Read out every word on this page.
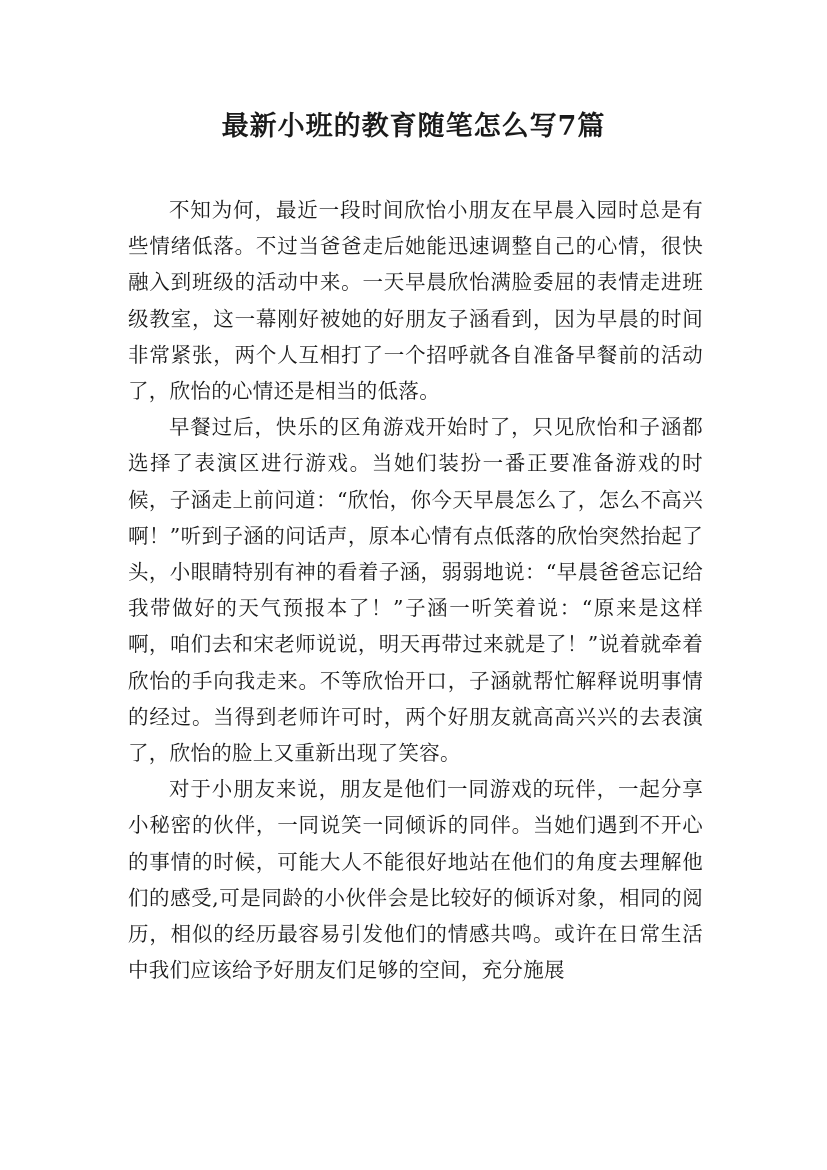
最新小班的教育随笔怎么写7篇

不知为何，最近一段时间欣怡小朋友在早晨入园时总是有些情绪低落。不过当爸爸走后她能迅速调整自己的心情，很快融入到班级的活动中来。一天早晨欣怡满脸委屈的表情走进班级教室，这一幕刚好被她的好朋友子涵看到，因为早晨的时间非常紧张，两个人互相打了一个招呼就各自准备早餐前的活动了，欣怡的心情还是相当的低落。

早餐过后，快乐的区角游戏开始时了，只见欣怡和子涵都选择了表演区进行游戏。当她们装扮一番正要准备游戏的时候，子涵走上前问道：“欣怡，你今天早晨怎么了，怎么不高兴啊！”听到子涵的问话声，原本心情有点低落的欣怡突然抬起了头，小眼睛特别有神的看着子涵，弱弱地说：“早晨爸爸忘记给我带做好的天气预报本了！”子涵一听笑着说：“原来是这样啊，咱们去和宋老师说说，明天再带过来就是了！”说着就牵着欣怡的手向我走来。不等欣怡开口，子涵就帮忙解释说明事情的经过。当得到老师许可时，两个好朋友就高高兴兴的去表演了，欣怡的脸上又重新出现了笑容。

对于小朋友来说，朋友是他们一同游戏的玩伴，一起分享小秘密的伙伴，一同说笑一同倾诉的同伴。当她们遇到不开心的事情的时候，可能大人不能很好地站在他们的角度去理解他们的感受,可是同龄的小伙伴会是比较好的倾诉对象，相同的阅历，相似的经历最容易引发他们的情感共鸣。或许在日常生活中我们应该给予好朋友们足够的空间，充分施展
